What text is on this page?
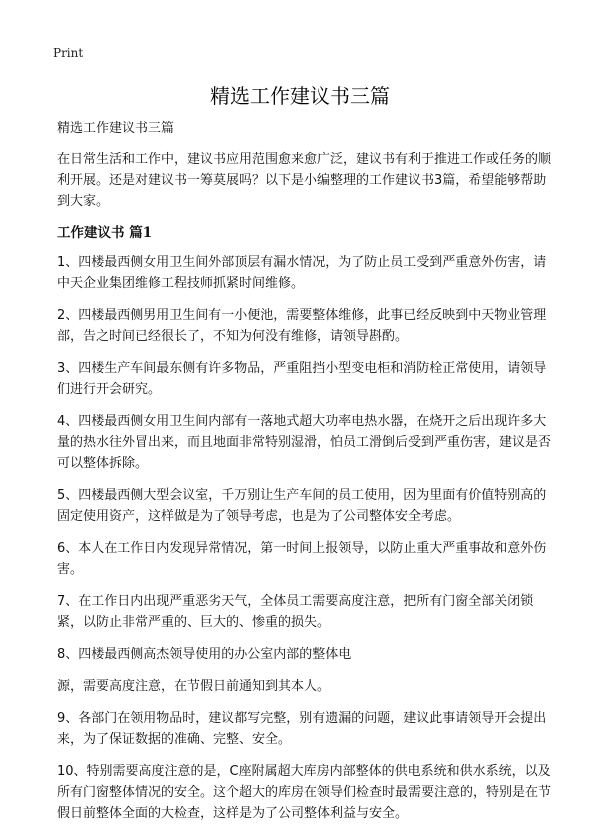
Print
精选工作建议书三篇

精选工作建议书三篇

在日常生活和工作中，建议书应用范围愈来愈广泛，建议书有利于推进工作或任务的顺利开展。还是对建议书一筹莫展吗？以下是小编整理的工作建议书3篇，希望能够帮助到大家。

工作建议书 篇1

1、四楼最西侧女用卫生间外部顶层有漏水情况，为了防止员工受到严重意外伤害，请中天企业集团维修工程技师抓紧时间维修。

2、四楼最西侧男用卫生间有一小便池，需要整体维修，此事已经反映到中天物业管理部，告之时间已经很长了，不知为何没有维修，请领导斟酌。

3、四楼生产车间最东侧有许多物品，严重阻挡小型变电柜和消防栓正常使用，请领导们进行开会研究。

4、四楼最西侧女用卫生间内部有一落地式超大功率电热水器，在烧开之后出现许多大量的热水往外冒出来，而且地面非常特别湿滑，怕员工滑倒后受到严重伤害，建议是否可以整体拆除。

5、四楼最西侧大型会议室，千万别让生产车间的员工使用，因为里面有价值特别高的固定使用资产，这样做是为了领导考虑，也是为了公司整体安全考虑。

6、本人在工作日内发现异常情况，第一时间上报领导，以防止重大严重事故和意外伤害。

7、在工作日内出现严重恶劣天气，全体员工需要高度注意，把所有门窗全部关闭锁紧，以防止非常严重的、巨大的、惨重的损失。

8、四楼最西侧高杰领导使用的办公室内部的整体电

源，需要高度注意，在节假日前通知到其本人。

9、各部门在领用物品时，建议都写完整，别有遗漏的问题，建议此事请领导开会提出来，为了保证数据的准确、完整、安全。

10、特别需要高度注意的是，C座附属超大库房内部整体的供电系统和供水系统，以及所有门窗整体情况的安全。这个超大的库房在领导们检查时最需要注意的，特别是在节假日前整体全面的大检查，这样是为了公司整体利益与安全。
